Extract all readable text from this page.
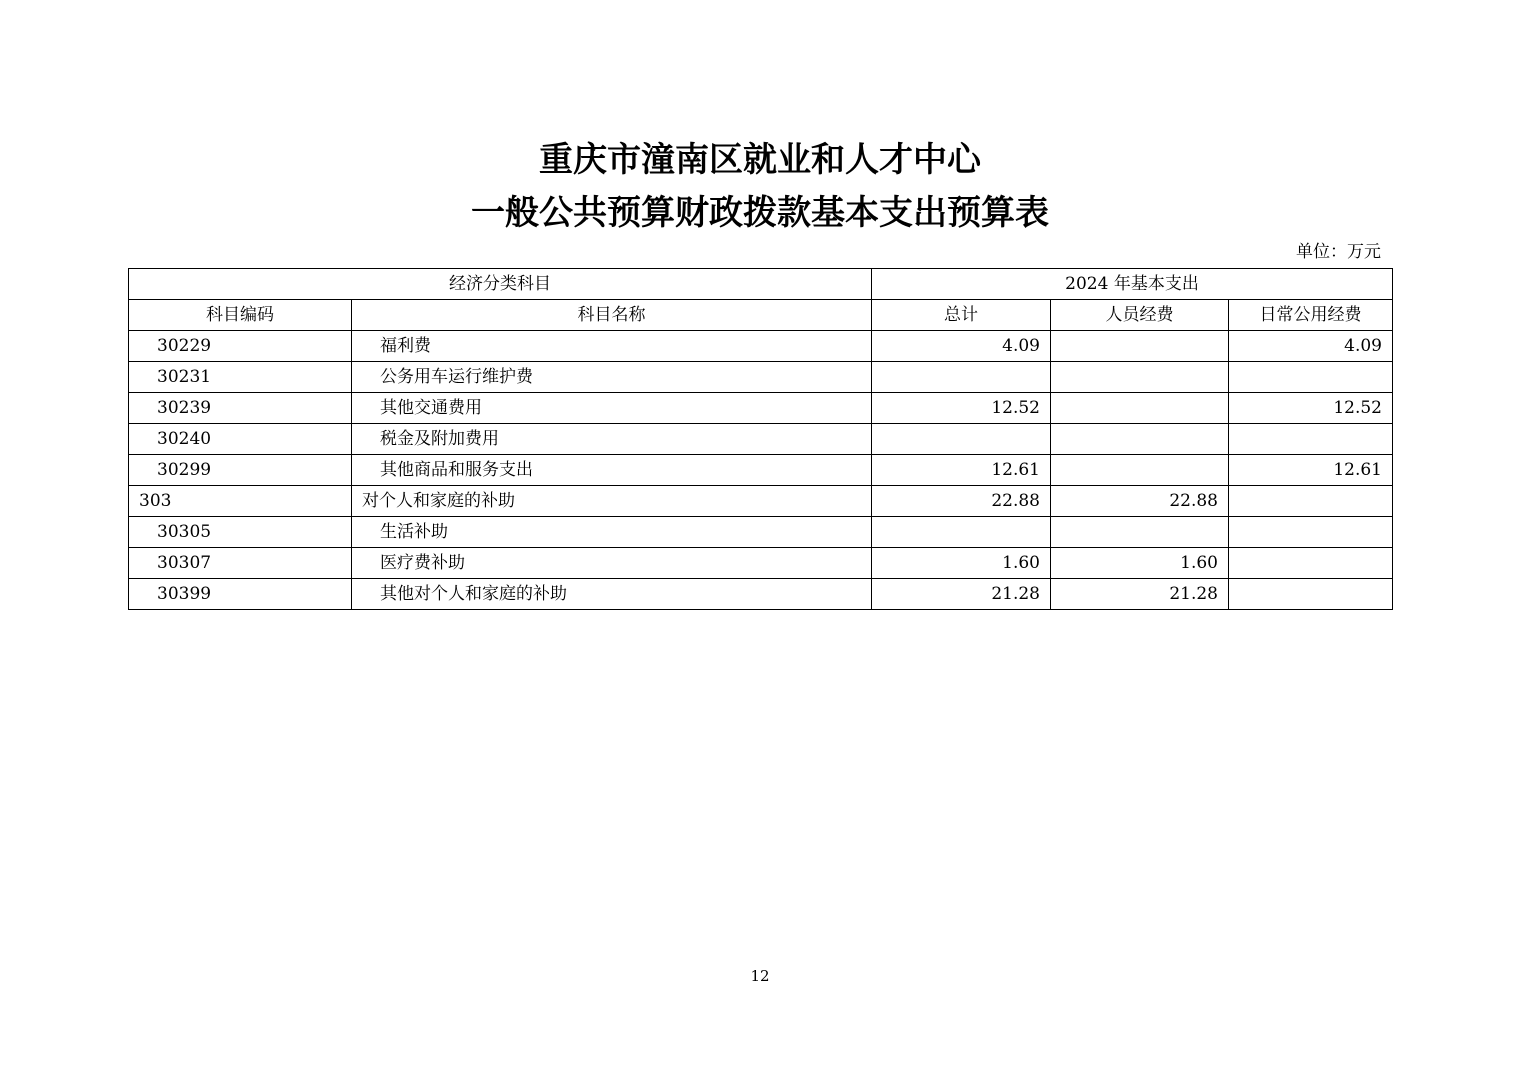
重庆市潼南区就业和人才中心
一般公共预算财政拨款基本支出预算表
单位：万元
经济分类科目		2024 年基本支出		
科目编码	科目名称	总计	人员经费	日常公用经费
30229	福利费	4.09		4.09
30231	公务用车运行维护费			
30239	其他交通费用	12.52		12.52
30240	税金及附加费用			
30299	其他商品和服务支出	12.61		12.61
303	对个人和家庭的补助	22.88	22.88	
30305	生活补助			
30307	医疗费补助	1.60	1.60	
30399	其他对个人和家庭的补助	21.28	21.28	
12
